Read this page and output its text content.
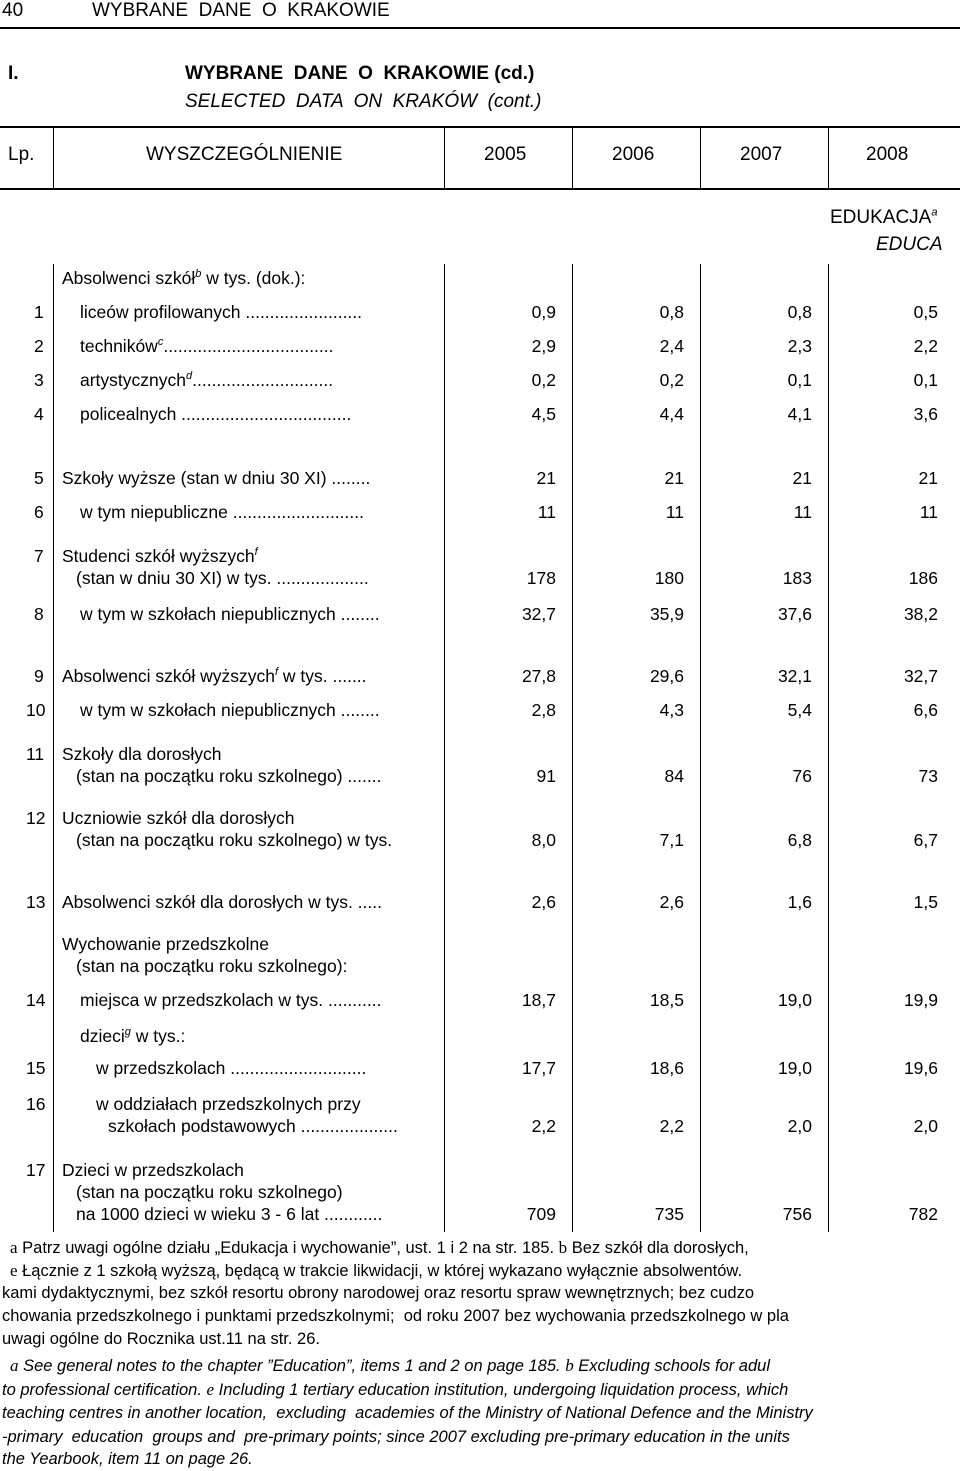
40	WYBRANE  DANE  O  KRAKOWIE
I.	WYBRANE  DANE  O  KRAKOWIE (cd.)
SELECTED  DATA  ON  KRAKÓW  (cont.)
Lp.	WYSZCZEGÓLNIENIE	2005	2006	2007	2008
EDUKACJA$^a$
EDUCA
Absolwenci szkół$^b$ w tys. (dok.):
1 liceów profilowanych ........................	0,9	0,8	0,8	0,5
2 techników$^c$...................................	2,9	2,4	2,3	2,2
3 artystycznych$^d$.............................	0,2	0,2	0,1	0,1
4 policealnych ...................................	4,5	4,4	4,1	3,6
5 Szkoły wyższe (stan w dniu 30 XI) ........	21	21	21	21
6 w tym niepubliczne ...........................	11	11	11	11
7 Studenci szkół wyższych$^f$
(stan w dniu 30 XI) w tys. ...................	178	180	183	186
8 w tym w szkołach niepublicznych ........	32,7	35,9	37,6	38,2
9 Absolwenci szkół wyższych$^f$ w tys. .......	27,8	29,6	32,1	32,7
10 w tym w szkołach niepublicznych ........	2,8	4,3	5,4	6,6
11 Szkoły dla dorosłych
(stan na początku roku szkolnego) .......	91	84	76	73
12 Uczniowie szkół dla dorosłych
(stan na początku roku szkolnego) w tys.	8,0	7,1	6,8	6,7
13 Absolwenci szkół dla dorosłych w tys. .....	2,6	2,6	1,6	1,5
Wychowanie przedszkolne
(stan na początku roku szkolnego):
14 miejsca w przedszkolach w tys. ...........	18,7	18,5	19,0	19,9
dzieci$^g$ w tys.:
15	w przedszkolach ............................	17,7	18,6	19,0	19,6
16	w oddziałach przedszkolnych przy
szkołach podstawowych ....................	2,2	2,2	2,0	2,0
17 Dzieci w przedszkolach
(stan na początku roku szkolnego)
na 1000 dzieci w wieku 3 - 6 lat ............	709	735	756	782
a Patrz uwagi ogólne działu „Edukacja i wychowanie”, ust. 1 i 2 na str. 185. b Bez szkół dla dorosłych,
e Łącznie z 1 szkołą wyższą, będącą w trakcie likwidacji, w której wykazano wyłącznie absolwentów.
kami dydaktycznymi, bez szkół resortu obrony narodowej oraz resortu spraw wewnętrznych; bez cudzo
chowania przedszkolnego i punktami przedszkolnymi;  od roku 2007 bez wychowania przedszkolnego w pla
uwagi ogólne do Rocznika ust.11 na str. 26.
a See general notes to the chapter ”Education”, items 1 and 2 on page 185. b Excluding schools for adul
to professional certification. e Including 1 tertiary education institution, undergoing liquidation process, which
teaching centres in another location,  excluding  academies of the Ministry of National Defence and the Ministry
-primary  education  groups and  pre-primary points; since 2007 excluding pre-primary education in the units
the Yearbook, item 11 on page 26.
